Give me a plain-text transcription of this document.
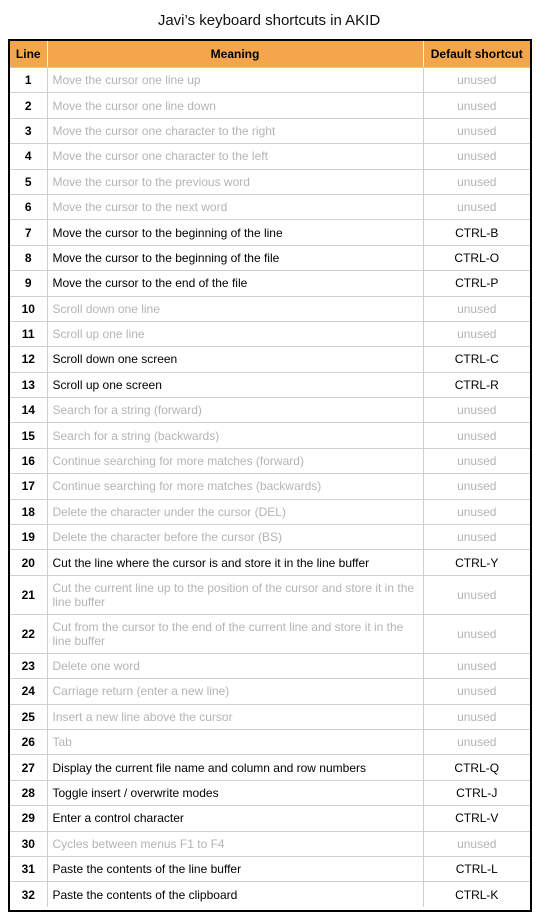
Javi’s keyboard shortcuts in AKID
Line	Meaning	Default shortcut
1	Move the cursor one line up	unused
2	Move the cursor one line down	unused
3	Move the cursor one character to the right	unused
4	Move the cursor one character to the left	unused
5	Move the cursor to the previous word	unused
6	Move the cursor to the next word	unused
7	Move the cursor to the beginning of the line	CTRL-B
8	Move the cursor to the beginning of the file	CTRL-O
9	Move the cursor to the end of the file	CTRL-P
10	Scroll down one line	unused
11	Scroll up one line	unused
12	Scroll down one screen	CTRL-C
13	Scroll up one screen	CTRL-R
14	Search for a string (forward)	unused
15	Search for a string (backwards)	unused
16	Continue searching for more matches (forward)	unused
17	Continue searching for more matches (backwards)	unused
18	Delete the character under the cursor (DEL)	unused
19	Delete the character before the cursor (BS)	unused
20	Cut the line where the cursor is and store it in the line buffer	CTRL-Y
21	Cut the current line up to the position of the cursor and store it in the line buffer	unused
22	Cut from the cursor to the end of the current line and store it in the line buffer	unused
23	Delete one word	unused
24	Carriage return (enter a new line)	unused
25	Insert a new line above the cursor	unused
26	Tab	unused
27	Display the current file name and column and row numbers	CTRL-Q
28	Toggle insert / overwrite modes	CTRL-J
29	Enter a control character	CTRL-V
30	Cycles between menus F1 to F4	unused
31	Paste the contents of the line buffer	CTRL-L
32	Paste the contents of the clipboard	CTRL-K
